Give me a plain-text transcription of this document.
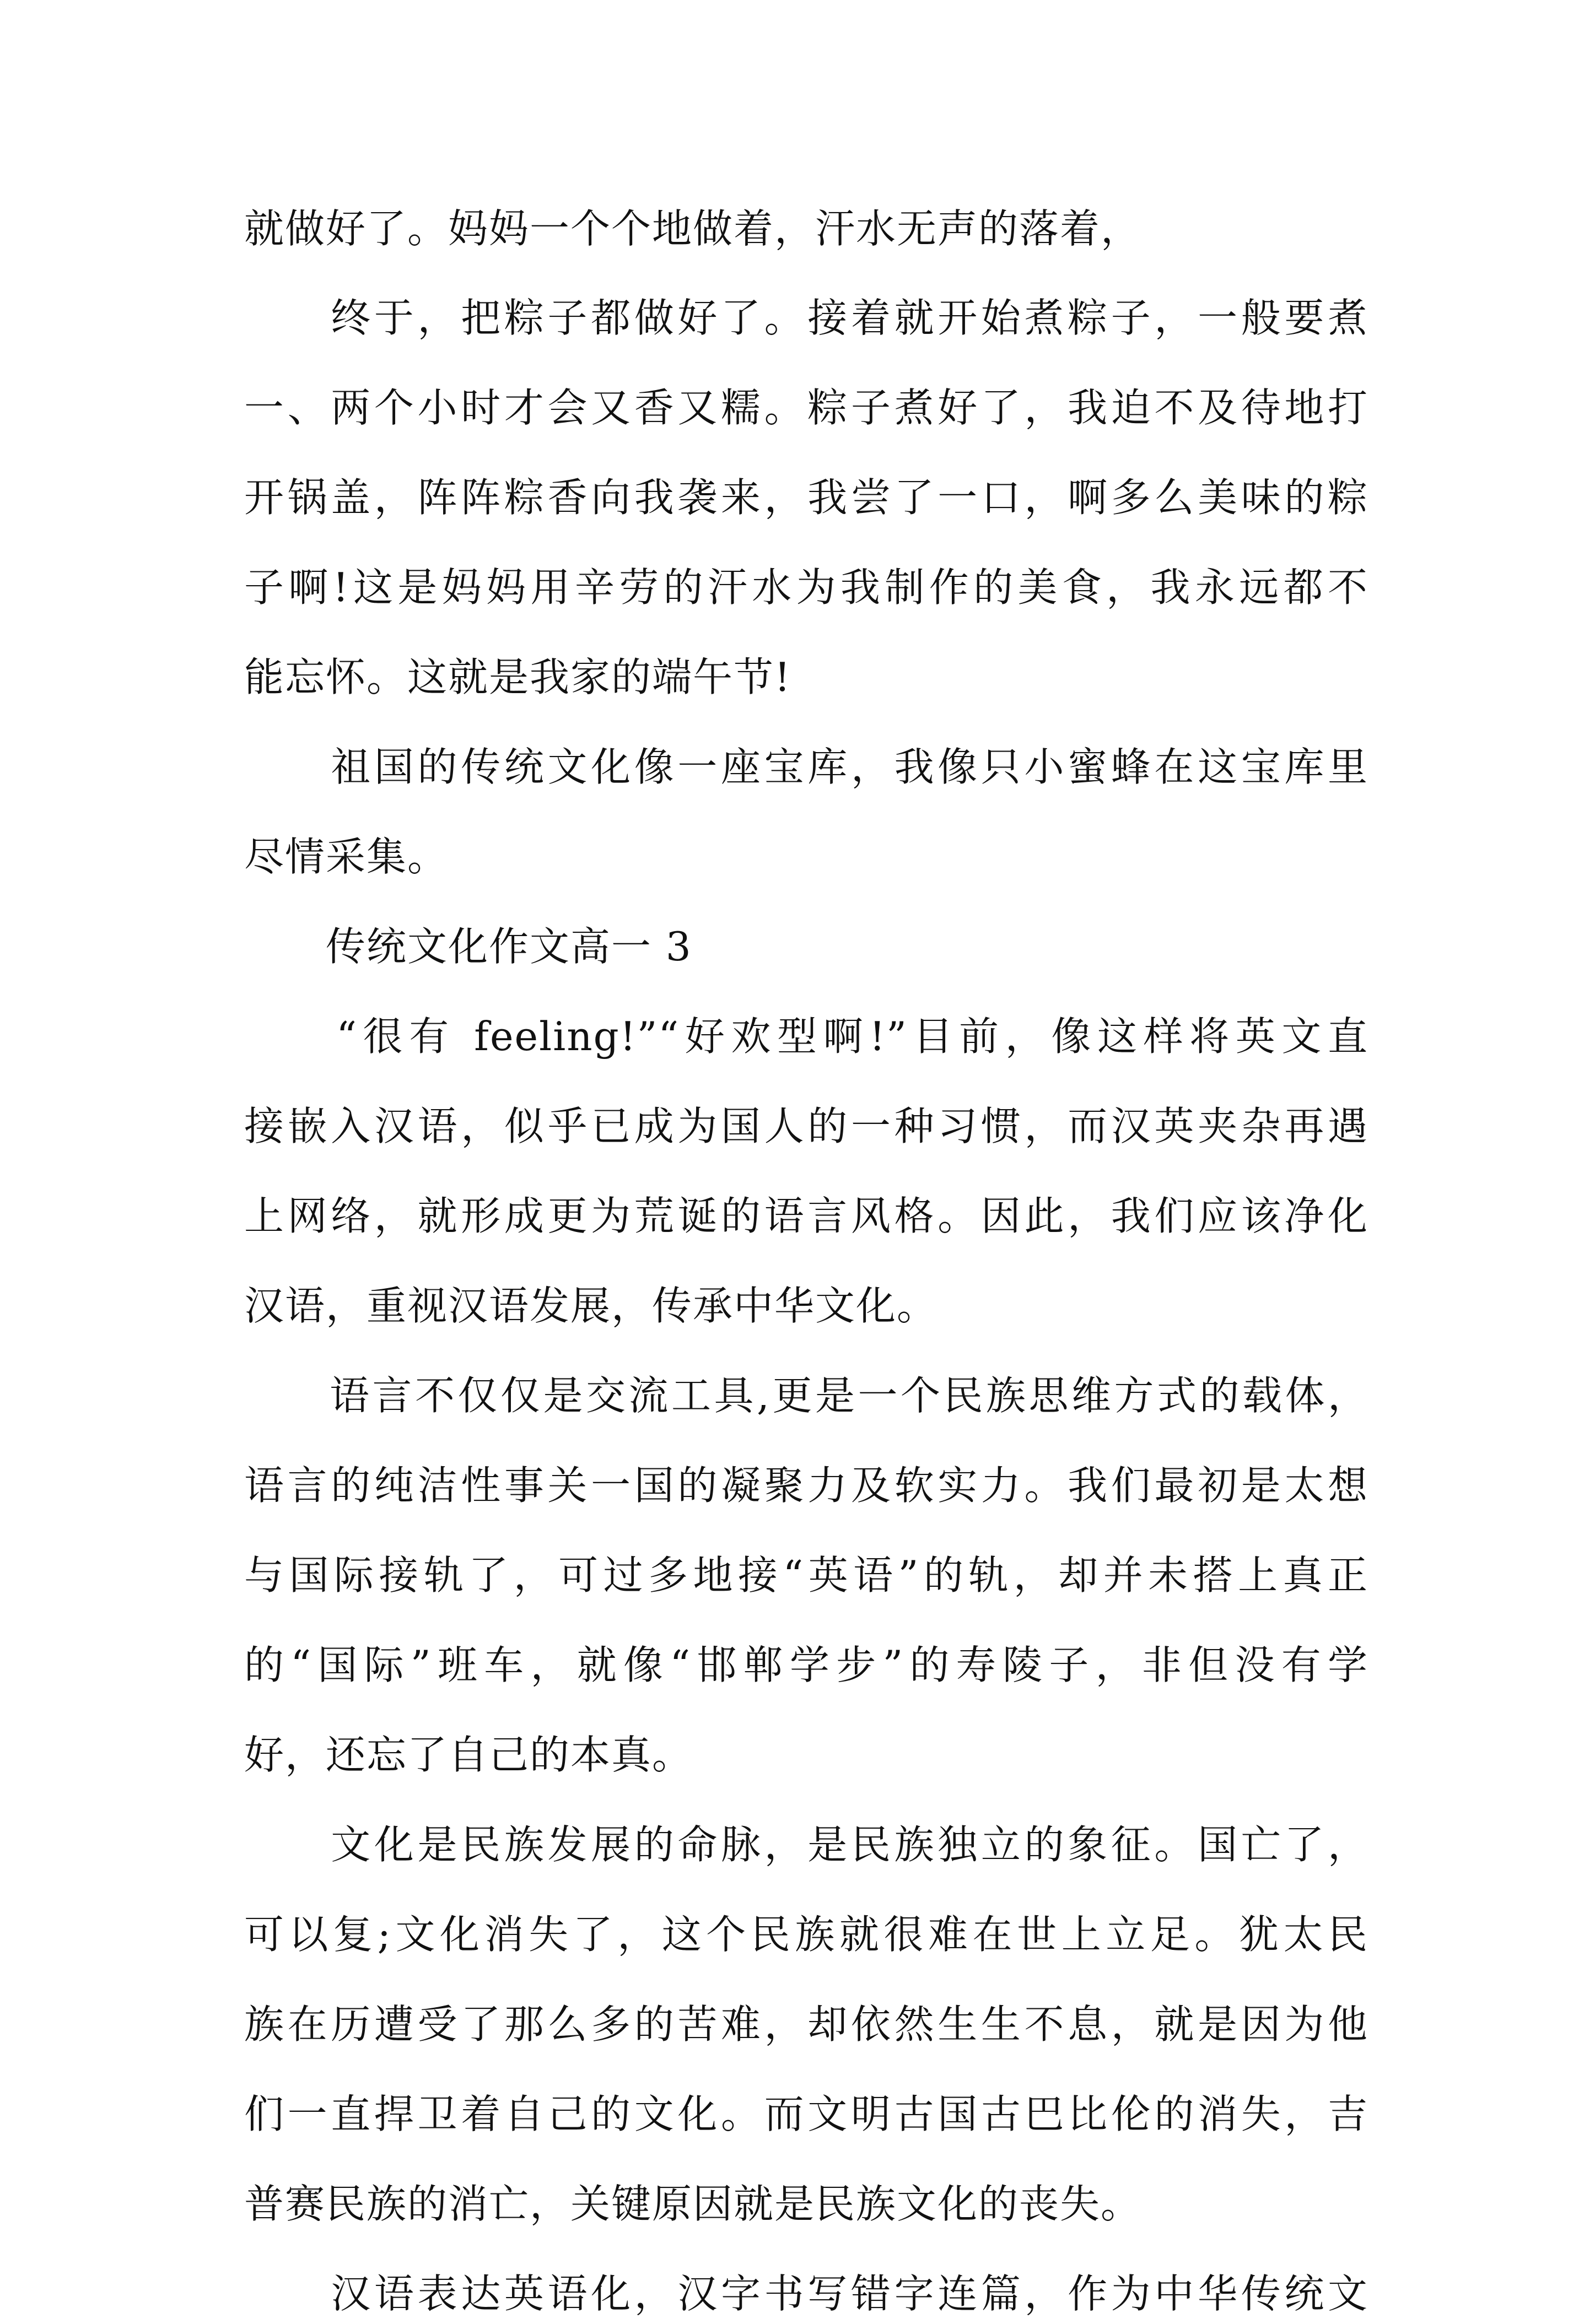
就做好了。妈妈一个个地做着，汗水无声的落着，
　　终于，把粽子都做好了。接着就开始煮粽子，一般要煮
一、两个小时才会又香又糯。粽子煮好了，我迫不及待地打
开锅盖，阵阵粽香向我袭来，我尝了一口，啊多么美味的粽
子啊!这是妈妈用辛劳的汗水为我制作的美食，我永远都不
能忘怀。这就是我家的端午节!
　　祖国的传统文化像一座宝库，我像只小蜜蜂在这宝库里
尽情采集。
　　传统文化作文高一 3
　　“很有 feeling!”“好欢型啊!”目前，像这样将英文直
接嵌入汉语，似乎已成为国人的一种习惯，而汉英夹杂再遇
上网络，就形成更为荒诞的语言风格。因此，我们应该净化
汉语，重视汉语发展，传承中华文化。
　　语言不仅仅是交流工具,更是一个民族思维方式的载体，
语言的纯洁性事关一国的凝聚力及软实力。我们最初是太想
与国际接轨了，可过多地接“英语”的轨，却并未搭上真正
的“国际”班车，就像“邯郸学步”的寿陵子，非但没有学
好，还忘了自己的本真。
　　文化是民族发展的命脉，是民族独立的象征。国亡了，
可以复;文化消失了，这个民族就很难在世上立足。犹太民
族在历遭受了那么多的苦难，却依然生生不息，就是因为他
们一直捍卫着自己的文化。而文明古国古巴比伦的消失，吉
普赛民族的消亡，关键原因就是民族文化的丧失。
　　汉语表达英语化，汉字书写错字连篇，作为中华传统文
